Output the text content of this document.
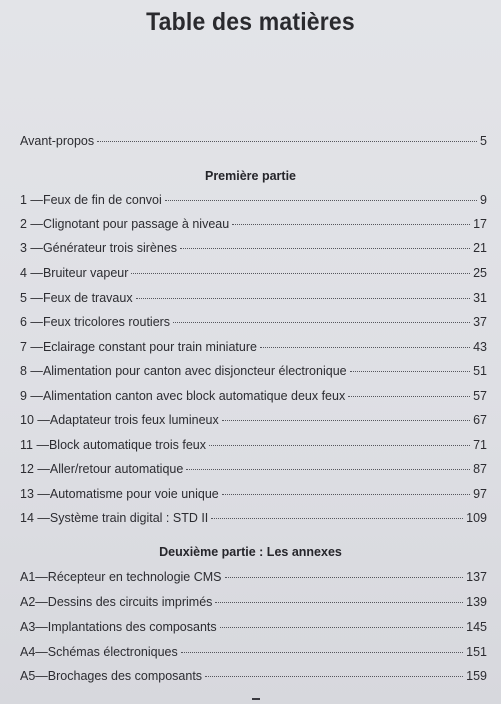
Table des matières
Avant-propos	5
Première partie
1 — Feux de fin de convoi	9
2 — Clignotant pour passage à niveau	17
3 — Générateur trois sirènes	21
4 — Bruiteur vapeur	25
5 — Feux de travaux	31
6 — Feux tricolores routiers	37
7 — Eclairage constant pour train miniature	43
8 — Alimentation pour canton avec disjoncteur électronique	51
9 — Alimentation canton avec block automatique deux feux	57
10 — Adaptateur trois feux lumineux	67
11 — Block automatique trois feux	71
12 — Aller/retour automatique	87
13 — Automatisme pour voie unique	97
14 — Système train digital : STD II	109
Deuxième partie : Les annexes
A1 — Récepteur en technologie CMS	137
A2 — Dessins des circuits imprimés	139
A3 — Implantations des composants	145
A4 — Schémas électroniques	151
A5 — Brochages des composants	159
